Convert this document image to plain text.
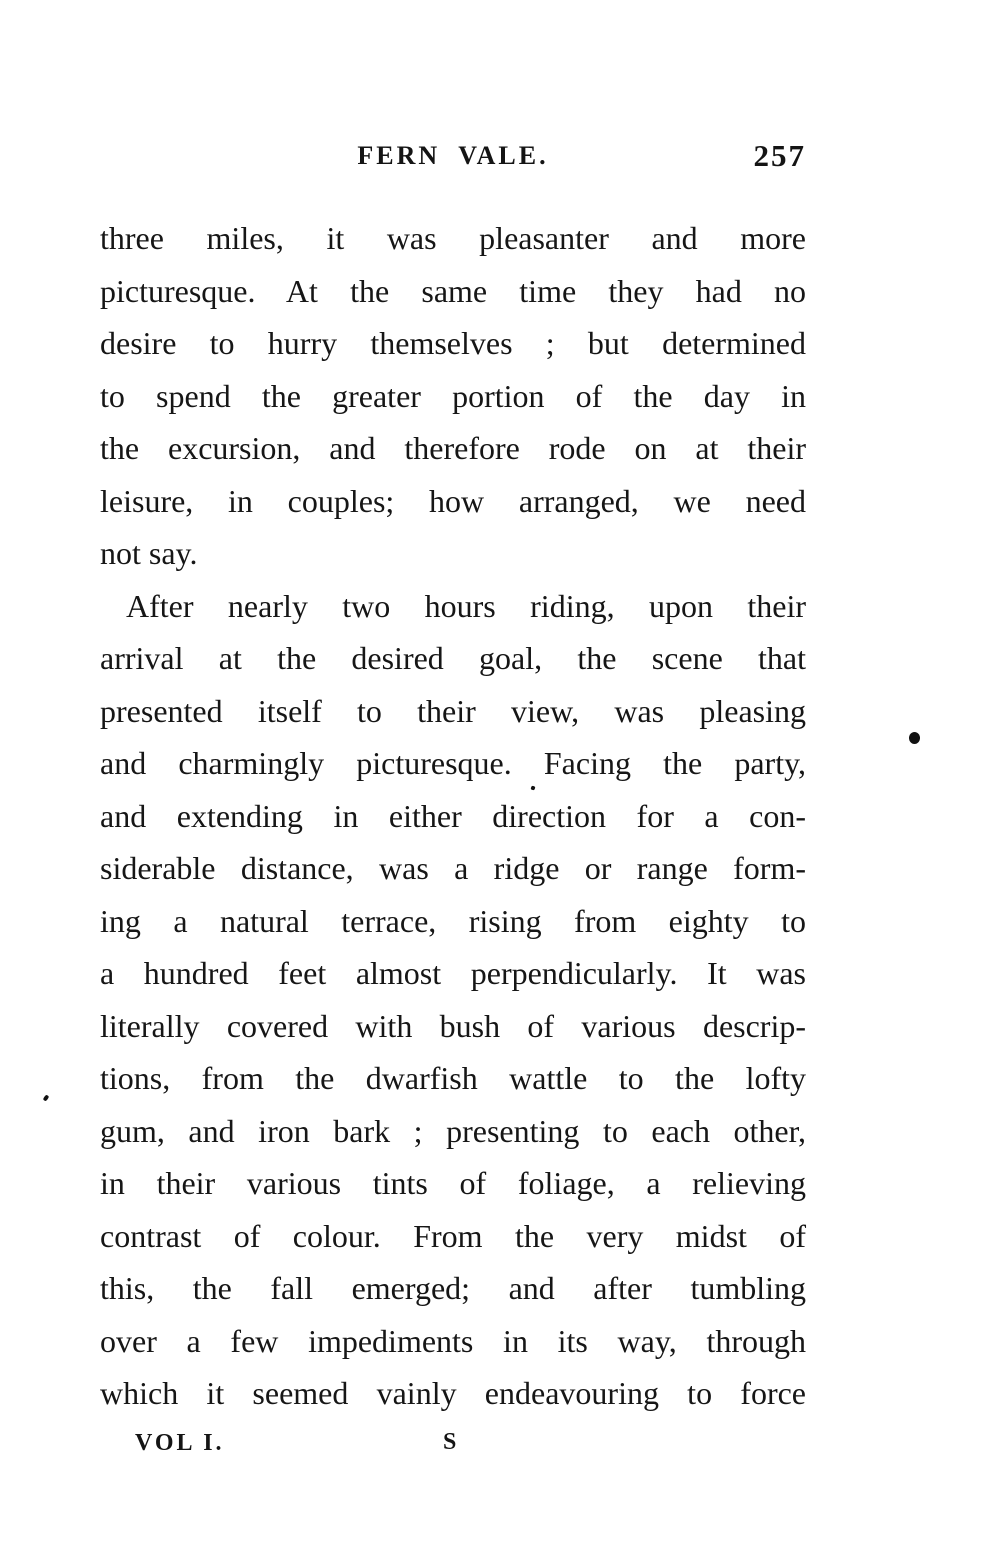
FERN VALE.	257
three miles, it was pleasanter and more
picturesque. At the same time they had no
desire to hurry themselves ; but determined
to spend the greater portion of the day in
the excursion, and therefore rode on at their
leisure, in couples; how arranged, we need
not say.
After nearly two hours riding, upon their
arrival at the desired goal, the scene that
presented itself to their view, was pleasing
and charmingly picturesque. Facing the party,
and extending in either direction for a con-
siderable distance, was a ridge or range form-
ing a natural terrace, rising from eighty to
a hundred feet almost perpendicularly. It was
literally covered with bush of various descrip-
tions, from the dwarfish wattle to the lofty
gum, and iron bark ; presenting to each other,
in their various tints of foliage, a relieving
contrast of colour. From the very midst of
this, the fall emerged; and after tumbling
over a few impediments in its way, through
which it seemed vainly endeavouring to force
VOL I.	S
